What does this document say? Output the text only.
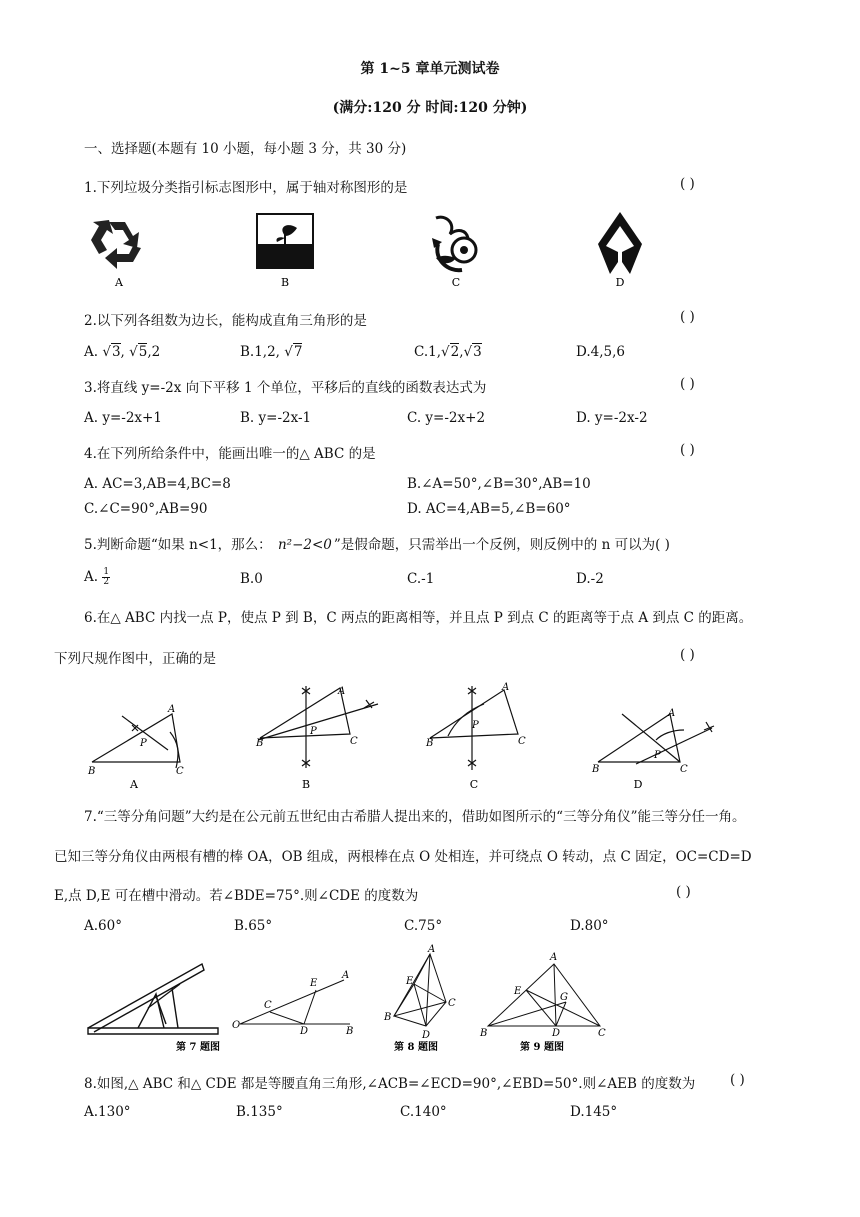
第 1~5 章单元测试卷
(满分:120 分 时间:120 分钟)
一、选择题(本题有 10 小题，每小题 3 分，共 30 分)
1.下列垃圾分类指引标志图形中，属于轴对称图形的是	( )
A	B	C	D
2.以下列各组数为边长，能构成直角三角形的是	( )
A. √3, √5,2	B.1,2, √7	C.1,√2,√3	D.4,5,6
3.将直线 y=-2x 向下平移 1 个单位，平移后的直线的函数表达式为	( )
A. y=-2x+1	B. y=-2x-1	C. y=-2x+2	D. y=-2x-2
4.在下列所给条件中，能画出唯一的△ ABC 的是	( )
A. AC=3,AB=4,BC=8	B.∠A=50°,∠B=30°,AB=10
C.∠C=90°,AB=90	D. AC=4,AB=5,∠B=60°
5.判断命题“如果 n<1，那么： n²−2<0 ”是假命题，只需举出一个反例，则反例中的 n 可以为( )
A. $\frac{1}{2}$	B.0	C.-1	D.-2
6.在△ ABC 内找一点 P，使点 P 到 B，C 两点的距离相等，并且点 P 到点 C 的距离等于点 A 到点 C 的距离。
下列尺规作图中，正确的是	( )
A
P
B	C
A
P
B	C
A
P
B	C
A
P
B	C
A	B	C	D
7.“三等分角问题”大约是在公元前五世纪由古希腊人提出来的，借助如图所示的“三等分角仪”能三等分任一角。
已知三等分角仪由两根有槽的棒 OA，OB 组成，两根棒在点 O 处相连，并可绕点 O 转动，点 C 固定，OC=CD=D
E,点 D,E 可在槽中滑动。若∠BDE=75°.则∠CDE 的度数为	( )
A.60°	B.65°	C.75°	D.80°
O
C
D
E
A
B
A
E
B
C
D
A
E
G
B	D	C
第 7 题图	第 8 题图	第 9 题图
8.如图,△ ABC 和△ CDE 都是等腰直角三角形,∠ACB=∠ECD=90°,∠EBD=50°.则∠AEB 的度数为	( )
A.130°	B.135°	C.140°	D.145°
